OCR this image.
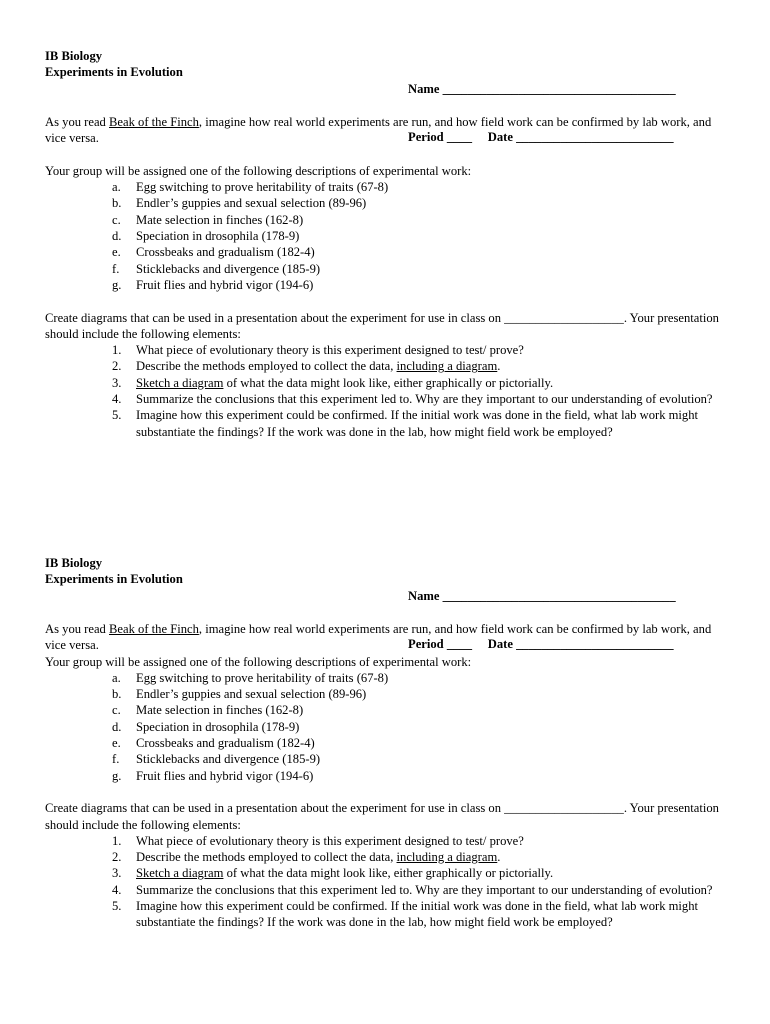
IB Biology
Experiments in Evolution

Name _____________________________________

Period ____ Date _________________________

As you read Beak of the Finch, imagine how real world experiments are run, and how field work can be confirmed by lab work, and vice versa.

Your group will be assigned one of the following descriptions of experimental work:

a. Egg switching to prove heritability of traits (67-8)
b. Endler’s guppies and sexual selection (89-96)
c. Mate selection in finches (162-8)
d. Speciation in drosophila (178-9)
e. Crossbeaks and gradualism (182-4)
f. Sticklebacks and divergence (185-9)
g. Fruit flies and hybrid vigor (194-6)

Create diagrams that can be used in a presentation about the experiment for use in class on ___________________. Your presentation should include the following elements:

1. What piece of evolutionary theory is this experiment designed to test/ prove?
2. Describe the methods employed to collect the data, including a diagram.
3. Sketch a diagram of what the data might look like, either graphically or pictorially.
4. Summarize the conclusions that this experiment led to. Why are they important to our understanding of evolution?
5. Imagine how this experiment could be confirmed. If the initial work was done in the field, what lab work might substantiate the findings? If the work was done in the lab, how might field work be employed?
IB Biology
Experiments in Evolution

Name _____________________________________

Period ____ Date _________________________

As you read Beak of the Finch, imagine how real world experiments are run, and how field work can be confirmed by lab work, and vice versa.

Your group will be assigned one of the following descriptions of experimental work:

a. Egg switching to prove heritability of traits (67-8)
b. Endler’s guppies and sexual selection (89-96)
c. Mate selection in finches (162-8)
d. Speciation in drosophila (178-9)
e. Crossbeaks and gradualism (182-4)
f. Sticklebacks and divergence (185-9)
g. Fruit flies and hybrid vigor (194-6)

Create diagrams that can be used in a presentation about the experiment for use in class on ___________________. Your presentation should include the following elements:

1. What piece of evolutionary theory is this experiment designed to test/ prove?
2. Describe the methods employed to collect the data, including a diagram.
3. Sketch a diagram of what the data might look like, either graphically or pictorially.
4. Summarize the conclusions that this experiment led to. Why are they important to our understanding of evolution?
5. Imagine how this experiment could be confirmed. If the initial work was done in the field, what lab work might substantiate the findings? If the work was done in the lab, how might field work be employed?
